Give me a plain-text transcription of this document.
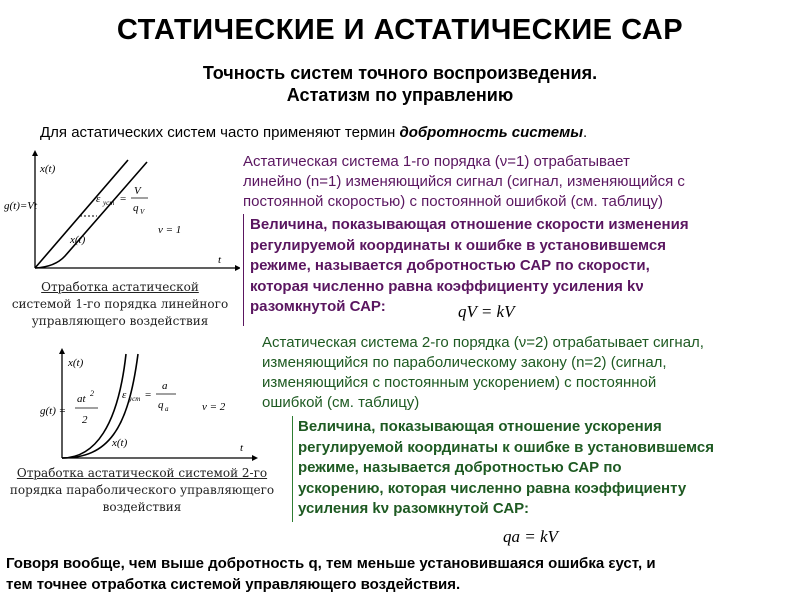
СТАТИЧЕСКИЕ И АСТАТИЧЕСКИЕ САР
Точность систем точного воспроизведения.
Астатизм по управлению
Для астатических систем часто применяют термин добротность системы.
x(t)
g(t)=Vt
ε уст =
V
q V
ν = 1
x(t)
t
Отработка астатической
системой 1-го порядка линейного
управляющего воздействия
x(t)
g(t) =
at 2
2
ε уст =
a
q a	ν = 2
x(t)	t
Отработка астатической системой 2-го
порядка параболического управляющего
воздействия
Астатическая система 1-го порядка (ν=1) отрабатывает
линейно (n=1) изменяющийся сигнал (сигнал, изменяющийся с
постоянной скоростью) с постоянной ошибкой (см. таблицу)
Величина, показывающая отношение скорости изменения
регулируемой координаты к ошибке в установившемся
режиме, называется добротностью САР по скорости,
которая численно равна коэффициенту усиления kν
разомкнутой САР:	qV = kV
Астатическая система 2-го порядка (ν=2) отрабатывает сигнал,
изменяющийся по параболическому закону (n=2) (сигнал,
изменяющийся с постоянным ускорением) с постоянной
ошибкой (см. таблицу)
Величина, показывающая отношение ускорения
регулируемой координаты к ошибке в установившемся
режиме, называется добротностью САР по
ускорению, которая численно равна коэффициенту
усиления kν разомкнутой САР:
qa = kV
Говоря вообще, чем выше добротность q, тем меньше установившаяся ошибка εуст, и
тем точнее отработка системой управляющего воздействия.
